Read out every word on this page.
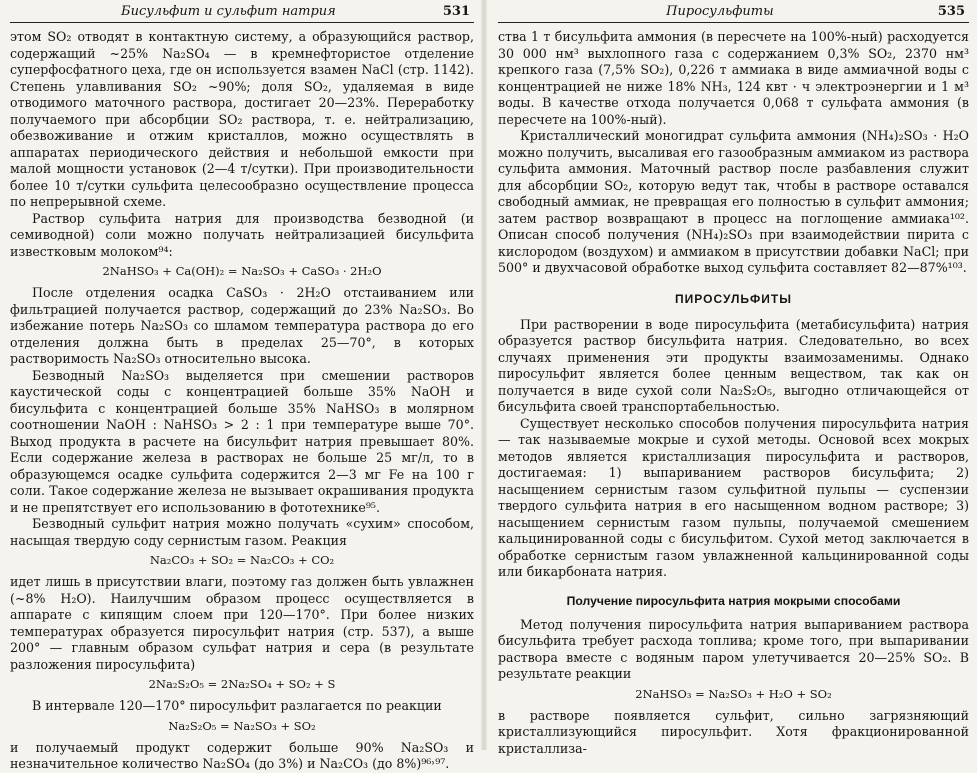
Бисульфит и сульфит натрия	531

этом SO₂ отводят в контактную систему, а образующийся раствор, содержащий ~25% Na₂SO₄ — в кремнефтористое отделение суперфосфатного цеха, где он используется взамен NaCl (стр. 1142). Степень улавливания SO₂ ~90%; доля SO₂, удаляемая в виде отводимого маточного раствора, достигает 20—23%. Переработку получаемого при абсорбции SO₂ раствора, т. е. нейтрализацию, обезвоживание и отжим кристаллов, можно осуществлять в аппаратах периодического действия и небольшой емкости при малой мощности установок (2—4 т/сутки). При производительности более 10 т/сутки сульфита целесообразно осуществление процесса по непрерывной схеме.

Раствор сульфита натрия для производства безводной (и семиводной) соли можно получать нейтрализацией бисульфита известковым молоком⁹⁴:

2NaHSO₃ + Ca(OH)₂ = Na₂SO₃ + CaSO₃ · 2H₂O

После отделения осадка CaSO₃ · 2H₂O отстаиванием или фильтрацией получается раствор, содержащий до 23% Na₂SO₃. Во избежание потерь Na₂SO₃ со шламом температура раствора до его отделения должна быть в пределах 25—70°, в которых растворимость Na₂SO₃ относительно высока.

Безводный Na₂SO₃ выделяется при смешении растворов каустической соды с концентрацией больше 35% NaOH и бисульфита с концентрацией больше 35% NaHSO₃ в молярном соотношении NaOH : NaHSO₃ > 2 : 1 при температуре выше 70°. Выход продукта в расчете на бисульфит натрия превышает 80%. Если содержание железа в растворах не больше 25 мг/л, то в образующемся осадке сульфита содержится 2—3 мг Fe на 100 г соли. Такое содержание железа не вызывает окрашивания продукта и не препятствует его использованию в фототехнике⁹⁵.

Безводный сульфит натрия можно получать «сухим» способом, насыщая твердую соду сернистым газом. Реакция

Na₂CO₃ + SO₂ = Na₂CO₃ + CO₂

идет лишь в присутствии влаги, поэтому газ должен быть увлажнен (~8% H₂O). Наилучшим образом процесс осуществляется в аппарате с кипящим слоем при 120—170°. При более низких температурах образуется пиросульфит натрия (стр. 537), а выше 200° — главным образом сульфат натрия и сера (в результате разложения пиросульфита)

2Na₂S₂O₅ = 2Na₂SO₄ + SO₂ + S

В интервале 120—170° пиросульфит разлагается по реакции

Na₂S₂O₅ = Na₂SO₃ + SO₂

и получаемый продукт содержит больше 90% Na₂SO₃ и незначительное количество Na₂SO₄ (до 3%) и Na₂CO₃ (до 8%)⁹⁶˒⁹⁷.

Пиросульфиты	535

ства 1 т бисульфита аммония (в пересчете на 100%-ный) расходуется 30 000 нм³ выхлопного газа с содержанием 0,3% SO₂, 2370 нм³ крепкого газа (7,5% SO₂), 0,226 т аммиака в виде аммиачной воды с концентрацией не ниже 18% NH₃, 124 квт · ч электроэнергии и 1 м³ воды. В качестве отхода получается 0,068 т сульфата аммония (в пересчете на 100%-ный).

Кристаллический моногидрат сульфита аммония (NH₄)₂SO₃ · H₂O можно получить, высаливая его газообразным аммиаком из раствора сульфита аммония. Маточный раствор после разбавления служит для абсорбции SO₂, которую ведут так, чтобы в растворе оставался свободный аммиак, не превращая его полностью в сульфит аммония; затем раствор возвращают в процесс на поглощение аммиака¹⁰². Описан способ получения (NH₄)₂SO₃ при взаимодействии пирита с кислородом (воздухом) и аммиаком в присутствии добавки NaCl; при 500° и двухчасовой обработке выход сульфита составляет 82—87%¹⁰³.

ПИРОСУЛЬФИТЫ

При растворении в воде пиросульфита (метабисульфита) натрия образуется раствор бисульфита натрия. Следовательно, во всех случаях применения эти продукты взаимозаменимы. Однако пиросульфит является более ценным веществом, так как он получается в виде сухой соли Na₂S₂O₅, выгодно отличающейся от бисульфита своей транспортабельностью.

Существует несколько способов получения пиросульфита натрия — так называемые мокрые и сухой методы. Основой всех мокрых методов является кристаллизация пиросульфита и растворов, достигаемая: 1) выпариванием растворов бисульфита; 2) насыщением сернистым газом сульфитной пульпы — суспензии твердого сульфита натрия в его насыщенном водном растворе; 3) насыщением сернистым газом пульпы, получаемой смешением кальцинированной соды с бисульфитом. Сухой метод заключается в обработке сернистым газом увлажненной кальцинированной соды или бикарбоната натрия.

Получение пиросульфита натрия мокрыми способами

Метод получения пиросульфита натрия выпариванием раствора бисульфита требует расхода топлива; кроме того, при выпаривании раствора вместе с водяным паром улетучивается 20—25% SO₂. В результате реакции

2NaHSO₃ = Na₂SO₃ + H₂O + SO₂

в растворе появляется сульфит, сильно загрязняющий кристаллизующийся пиросульфит. Хотя фракционированной кристаллиза-
